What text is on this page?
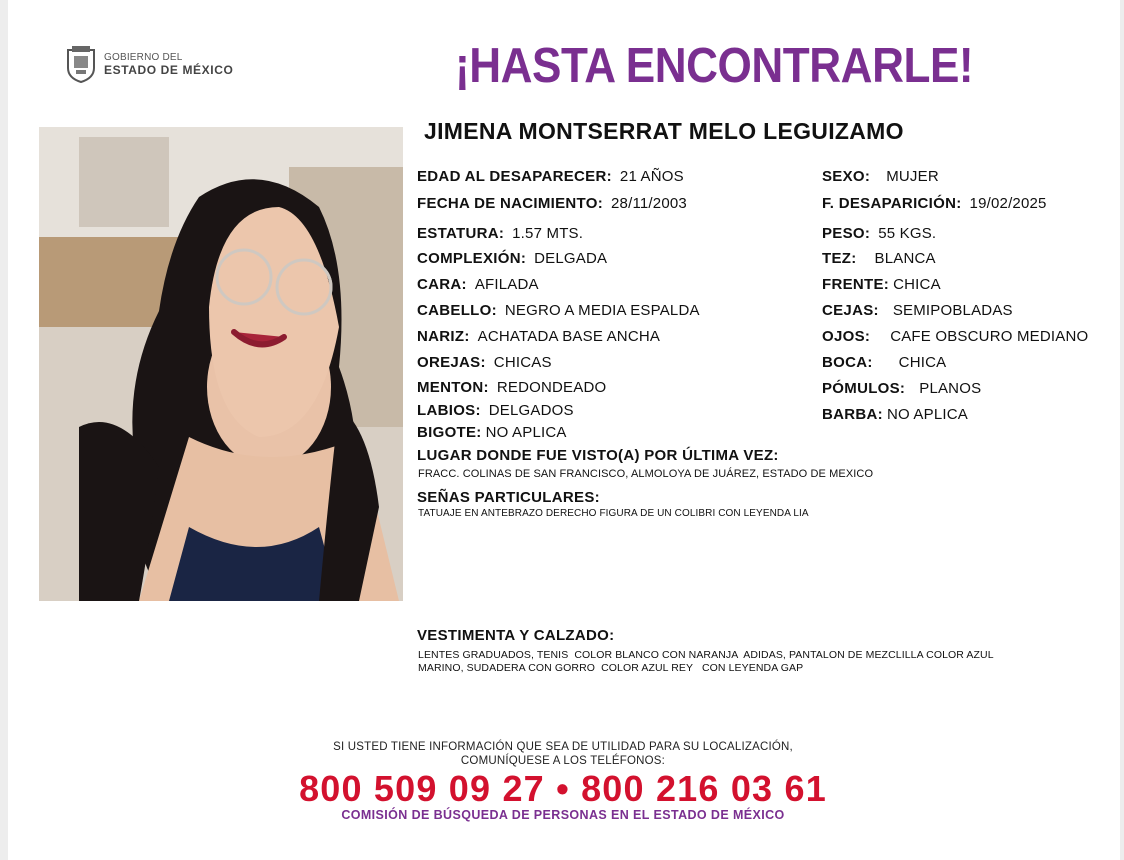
GOBIERNO DEL
ESTADO DE MÉXICO	¡HASTA ENCONTRARLE!
JIMENA MONTSERRAT MELO LEGUIZAMO
EDAD AL DESAPARECER: 21 AÑOS
FECHA DE NACIMIENTO: 28/11/2003
ESTATURA: 1.57 MTS.
COMPLEXIÓN: DELGADA
CARA: AFILADA
CABELLO: NEGRO A MEDIA ESPALDA
NARIZ: ACHATADA BASE ANCHA
OREJAS: CHICAS
MENTON: REDONDEADO
LABIOS: DELGADOS
BIGOTE: NO APLICA
SEXO: MUJER
F. DESAPARICIÓN: 19/02/2025
PESO: 55 KGS.
TEZ: BLANCA
FRENTE: CHICA
CEJAS: SEMIPOBLADAS
OJOS: CAFE OBSCURO MEDIANO
BOCA: CHICA
PÓMULOS: PLANOS
BARBA: NO APLICA
LUGAR DONDE FUE VISTO(A) POR ÚLTIMA VEZ:
FRACC. COLINAS DE SAN FRANCISCO, ALMOLOYA DE JUÁREZ, ESTADO DE MEXICO
SEÑAS PARTICULARES:
TATUAJE EN ANTEBRAZO DERECHO FIGURA DE UN COLIBRI CON LEYENDA LIA
VESTIMENTA Y CALZADO:
LENTES GRADUADOS, TENIS  COLOR BLANCO CON NARANJA  ADIDAS, PANTALON DE MEZCLILLA COLOR AZUL
MARINO, SUDADERA CON GORRO  COLOR AZUL REY   CON LEYENDA GAP
SI USTED TIENE INFORMACIÓN QUE SEA DE UTILIDAD PARA SU LOCALIZACIÓN,
COMUNÍQUESE A LOS TELÉFONOS:
800 509 09 27 • 800 216 03 61
COMISIÓN DE BÚSQUEDA DE PERSONAS EN EL ESTADO DE MÉXICO
